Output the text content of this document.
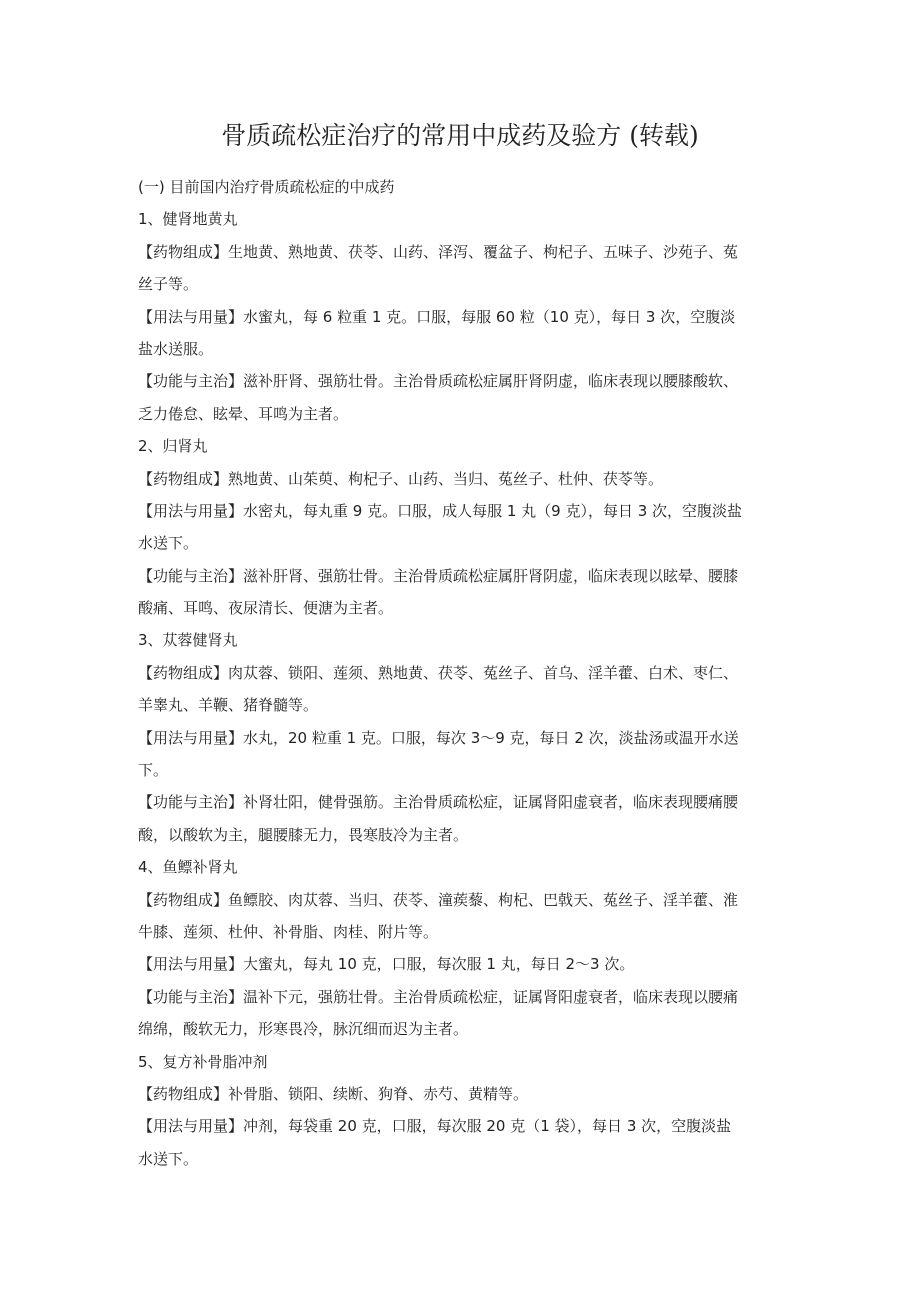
骨质疏松症治疗的常用中成药及验方 (转载)
(一) 目前国内治疗骨质疏松症的中成药
1、健肾地黄丸
【药物组成】生地黄、熟地黄、茯苓、山药、泽泻、覆盆子、枸杞子、五味子、沙苑子、菟
丝子等。
【用法与用量】水蜜丸，每 6 粒重 1 克。口服，每服 60 粒（10 克），每日 3 次，空腹淡
盐水送服。
【功能与主治】滋补肝肾、强筋壮骨。主治骨质疏松症属肝肾阴虚，临床表现以腰膝酸软、
乏力倦怠、眩晕、耳鸣为主者。
2、归肾丸
【药物组成】熟地黄、山茱萸、枸杞子、山药、当归、菟丝子、杜仲、茯苓等。
【用法与用量】水密丸，每丸重 9 克。口服，成人每服 1 丸（9 克），每日 3 次，空腹淡盐
水送下。
【功能与主治】滋补肝肾、强筋壮骨。主治骨质疏松症属肝肾阴虚，临床表现以眩晕、腰膝
酸痛、耳鸣、夜尿清长、便溏为主者。
3、苁蓉健肾丸
【药物组成】肉苁蓉、锁阳、莲须、熟地黄、茯苓、菟丝子、首乌、淫羊藿、白术、枣仁、
羊睾丸、羊鞭、猪脊髓等。
【用法与用量】水丸，20 粒重 1 克。口服，每次 3～9 克，每日 2 次，淡盐汤或温开水送
下。
【功能与主治】补肾壮阳，健骨强筋。主治骨质疏松症，证属肾阳虚衰者，临床表现腰痛腰
酸，以酸软为主，腿腰膝无力，畏寒肢冷为主者。
4、鱼鳔补肾丸
【药物组成】鱼鳔胶、肉苁蓉、当归、茯苓、潼蒺藜、枸杞、巴戟天、菟丝子、淫羊藿、淮
牛膝、莲须、杜仲、补骨脂、肉桂、附片等。
【用法与用量】大蜜丸，每丸 10 克，口服，每次服 1 丸，每日 2～3 次。
【功能与主治】温补下元，强筋壮骨。主治骨质疏松症，证属肾阳虚衰者，临床表现以腰痛
绵绵，酸软无力，形寒畏冷，脉沉细而迟为主者。
5、复方补骨脂冲剂
【药物组成】补骨脂、锁阳、续断、狗脊、赤芍、黄精等。
【用法与用量】冲剂，每袋重 20 克，口服，每次服 20 克（1 袋），每日 3 次，空腹淡盐
水送下。
